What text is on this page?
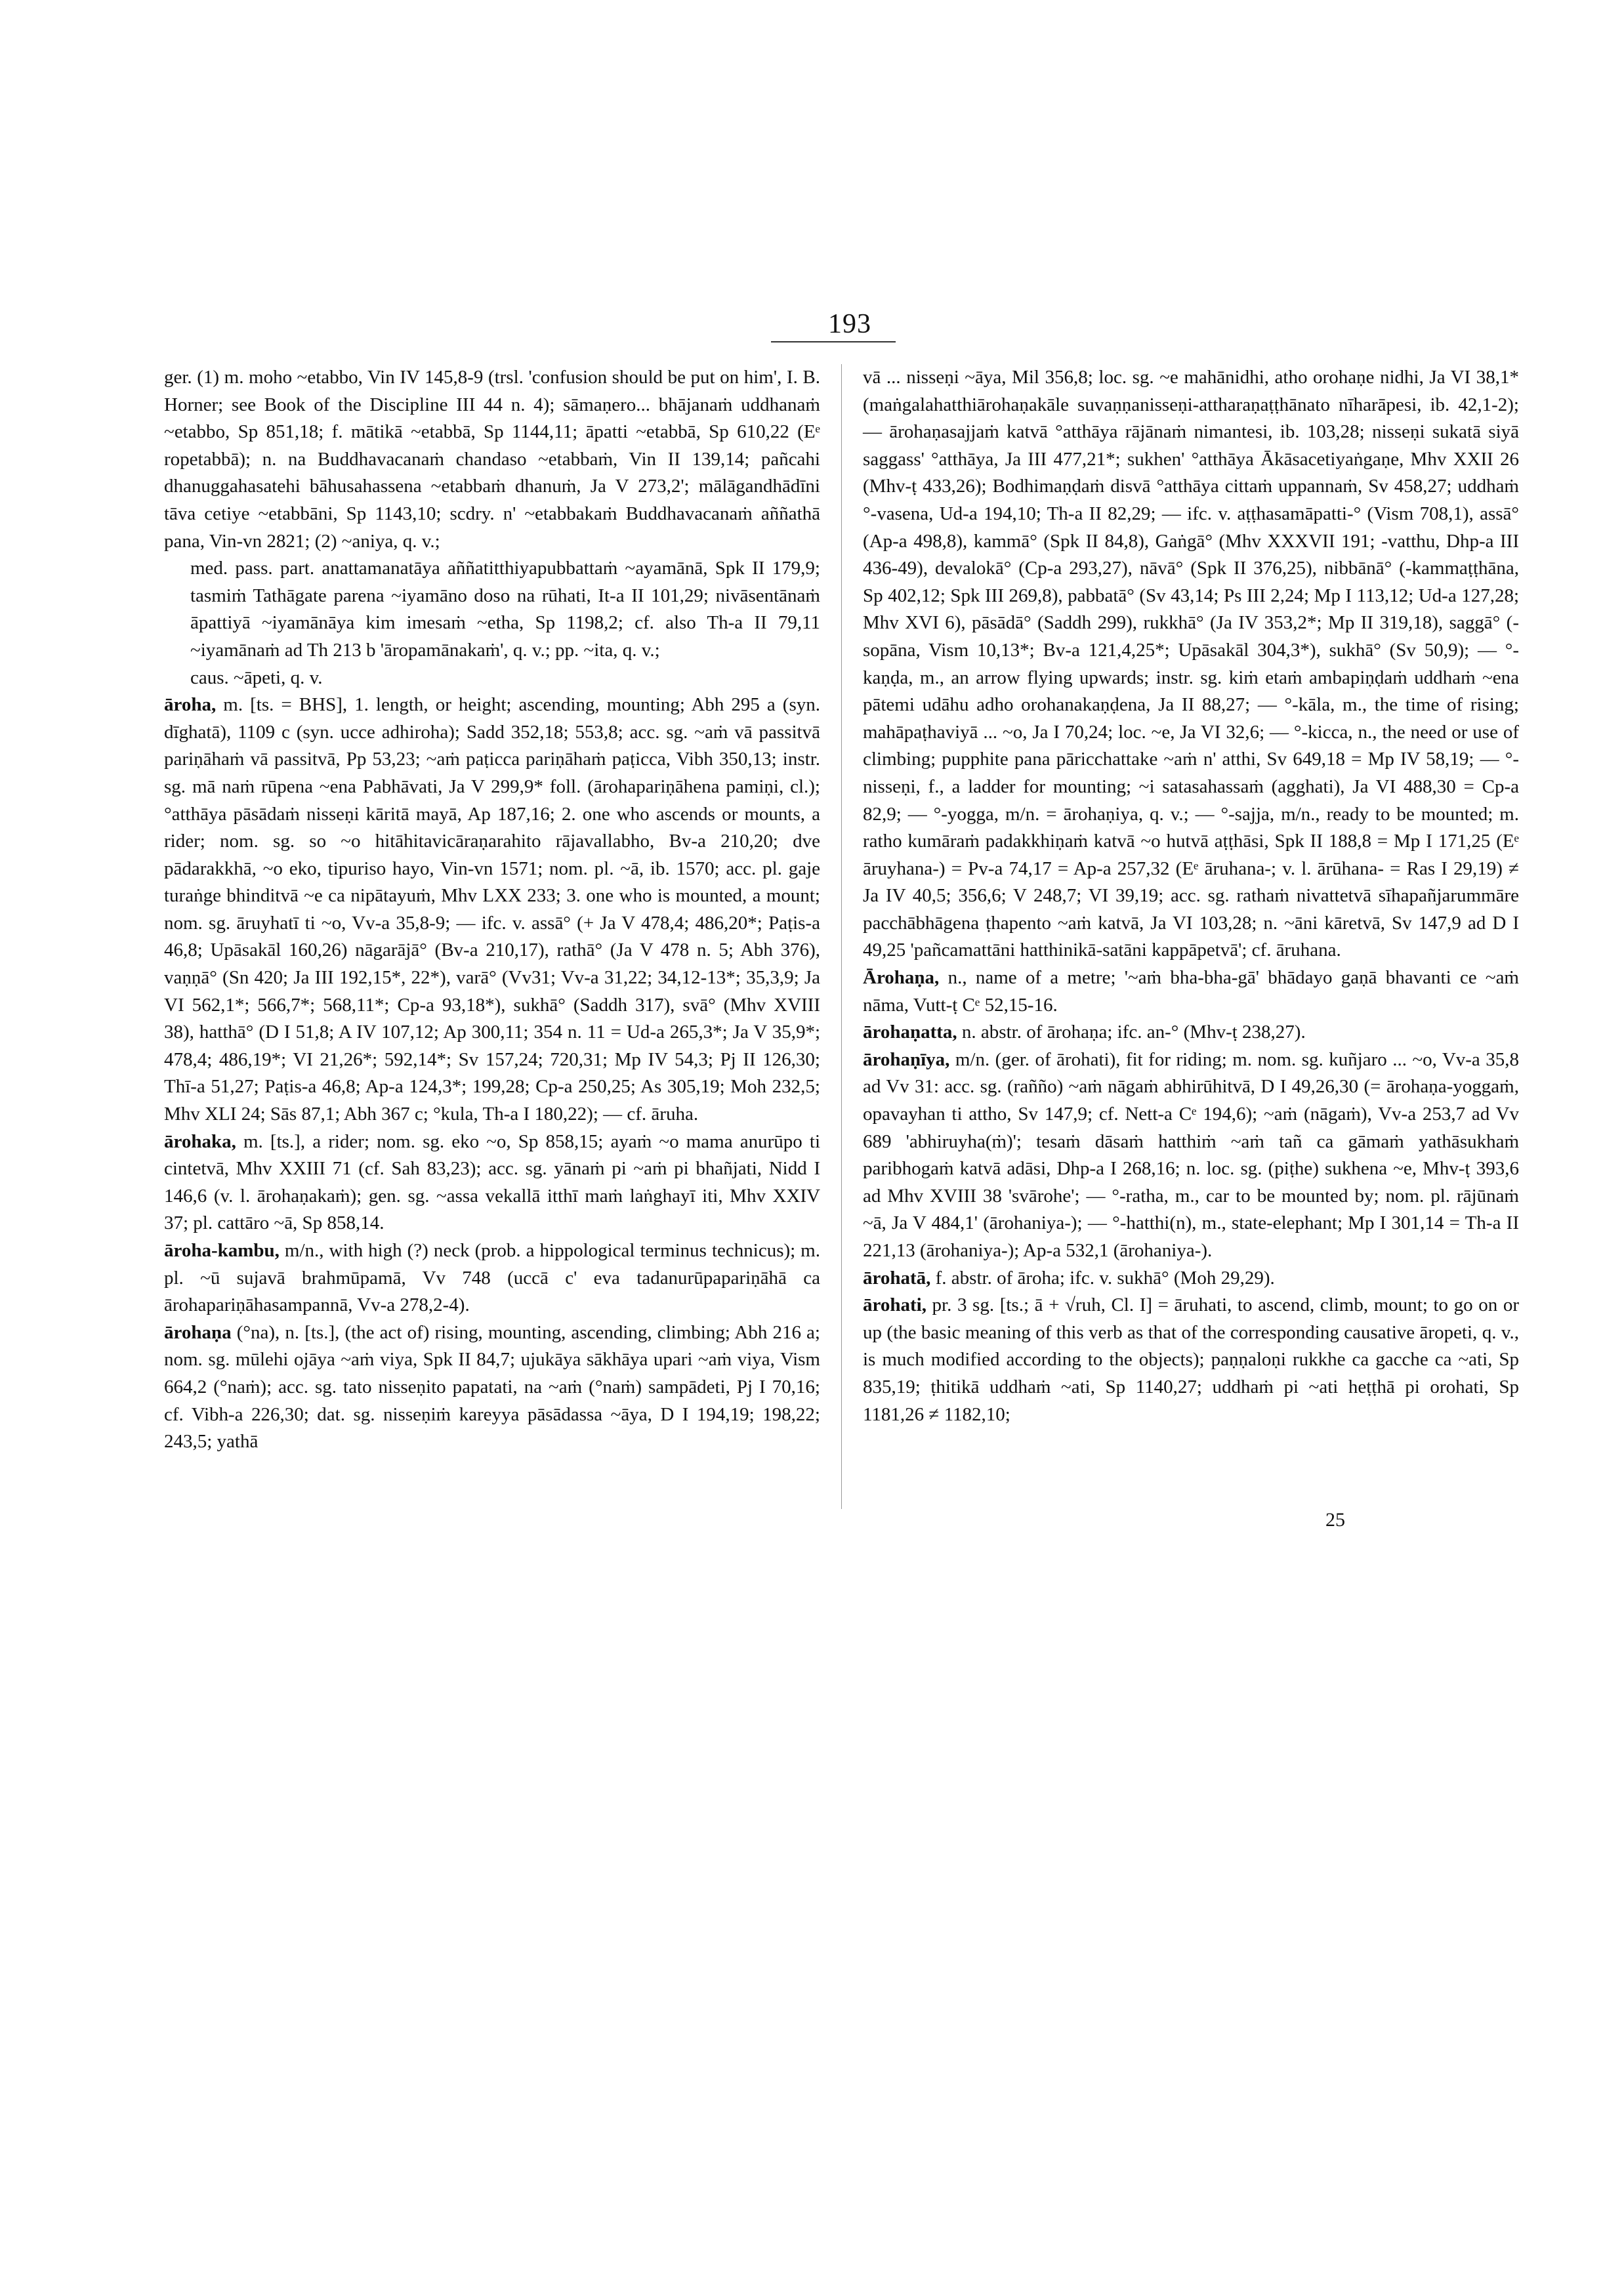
193

ger. (1) m. moho ~etabbo, Vin IV 145,8-9 (trsl. 'confusion should be put on him', I. B. Horner; see Book of the Discipline III 44 n. 4); sāmaṇero... bhājanaṁ uddhanaṁ ~etabbo, Sp 851,18; f. mātikā ~etabbā, Sp 1144,11; āpatti ~etabbā, Sp 610,22 (Eᵉ ropetabbā); n. na Buddhavacanaṁ chandaso ~etabbaṁ, Vin II 139,14; pañcahi dhanuggahasatehi bāhusahassena ~etabbaṁ dhanuṁ, Ja V 273,2'; mālāgandhādīni tāva cetiye ~etabbāni, Sp 1143,10; scdry. n' ~etabbakaṁ Buddhavacanaṁ aññathā pana, Vin-vn 2821; (2) ~aniya, q. v.;

med. pass. part. anattamanatāya aññatitthiyapubbattaṁ ~ayamānā, Spk II 179,9; tasmiṁ Tathāgate parena ~iyamāno doso na rūhati, It-a II 101,29; nivāsentānaṁ āpattiyā ~iyamānāya kim imesaṁ ~etha, Sp 1198,2; cf. also Th-a II 79,11 ~iyamānaṁ ad Th 213 b 'āropamānakaṁ', q. v.; pp. ~ita, q. v.;

caus. ~āpeti, q. v.

āroha, m. [ts. = BHS], 1. length, or height; ascending, mounting; Abh 295 a (syn. dīghatā), 1109 c (syn. ucce adhiroha); Sadd 352,18; 553,8; acc. sg. ~aṁ vā passitvā pariṇāhaṁ vā passitvā, Pp 53,23; ~aṁ paṭicca pariṇāhaṁ paṭicca, Vibh 350,13; instr. sg. mā naṁ rūpena ~ena Pabhāvati, Ja V 299,9* foll. (ārohapariṇāhena pamiṇi, cl.); °atthāya pāsādaṁ nisseṇi kāritā mayā, Ap 187,16; 2. one who ascends or mounts, a rider; nom. sg. so ~o hitāhitavicāraṇarahito rājavallabho, Bv-a 210,20; dve pādarakkhā, ~o eko, tipuriso hayo, Vin-vn 1571; nom. pl. ~ā, ib. 1570; acc. pl. gaje turaṅge bhinditvā ~e ca nipātayuṁ, Mhv LXX 233; 3. one who is mounted, a mount; nom. sg. āruyhatī ti ~o, Vv-a 35,8-9; — ifc. v. assā° (+ Ja V 478,4; 486,20*; Paṭis-a 46,8; Upāsakāl 160,26) nāgarājā° (Bv-a 210,17), rathā° (Ja V 478 n. 5; Abh 376), vaṇṇā° (Sn 420; Ja III 192,15*, 22*), varā° (Vv31; Vv-a 31,22; 34,12-13*; 35,3,9; Ja VI 562,1*; 566,7*; 568,11*; Cp-a 93,18*), sukhā° (Saddh 317), svā° (Mhv XVIII 38), hatthā° (D I 51,8; A IV 107,12; Ap 300,11; 354 n. 11 = Ud-a 265,3*; Ja V 35,9*; 478,4; 486,19*; VI 21,26*; 592,14*; Sv 157,24; 720,31; Mp IV 54,3; Pj II 126,30; Thī-a 51,27; Paṭis-a 46,8; Ap-a 124,3*; 199,28; Cp-a 250,25; As 305,19; Moh 232,5; Mhv XLI 24; Sās 87,1; Abh 367 c; °kula, Th-a I 180,22); — cf. āruha.

ārohaka, m. [ts.], a rider; nom. sg. eko ~o, Sp 858,15; ayaṁ ~o mama anurūpo ti cintetvā, Mhv XXIII 71 (cf. Sah 83,23); acc. sg. yānaṁ pi ~aṁ pi bhañjati, Nidd I 146,6 (v. l. ārohaṇakaṁ); gen. sg. ~assa vekallā itthī maṁ laṅghayī iti, Mhv XXIV 37; pl. cattāro ~ā, Sp 858,14.

āroha-kambu, m/n., with high (?) neck (prob. a hippological terminus technicus); m. pl. ~ū sujavā brahmūpamā, Vv 748 (uccā c' eva tadanurūpapariṇāhā ca ārohapariṇāhasampannā, Vv-a 278,2-4).

ārohaṇa (°na), n. [ts.], (the act of) rising, mounting, ascending, climbing; Abh 216 a; nom. sg. mūlehi ojāya ~aṁ viya, Spk II 84,7; ujukāya sākhāya upari ~aṁ viya, Vism 664,2 (°naṁ); acc. sg. tato nisseṇito papatati, na ~aṁ (°naṁ) sampādeti, Pj I 70,16; cf. Vibh-a 226,30; dat. sg. nisseṇiṁ kareyya pāsādassa ~āya, D I 194,19; 198,22; 243,5; yathā

vā ... nisseṇi ~āya, Mil 356,8; loc. sg. ~e mahānidhi, atho orohaṇe nidhi, Ja VI 38,1* (maṅgalahatthiārohaṇakāle suvaṇṇanisseṇi-attharaṇaṭṭhānato nīharāpesi, ib. 42,1-2); — ārohaṇasajjaṁ katvā °atthāya rājānaṁ nimantesi, ib. 103,28; nisseṇi sukatā siyā saggass' °atthāya, Ja III 477,21*; sukhen' °atthāya Ākāsacetiyaṅgaṇe, Mhv XXII 26 (Mhv-ṭ 433,26); Bodhimaṇḍaṁ disvā °atthāya cittaṁ uppannaṁ, Sv 458,27; uddhaṁ °-vasena, Ud-a 194,10; Th-a II 82,29; — ifc. v. aṭṭhasamāpatti-° (Vism 708,1), assā° (Ap-a 498,8), kammā° (Spk II 84,8), Gaṅgā° (Mhv XXXVII 191; -vatthu, Dhp-a III 436-49), devalokā° (Cp-a 293,27), nāvā° (Spk II 376,25), nibbānā° (-kammaṭṭhāna, Sp 402,12; Spk III 269,8), pabbatā° (Sv 43,14; Ps III 2,24; Mp I 113,12; Ud-a 127,28; Mhv XVI 6), pāsādā° (Saddh 299), rukkhā° (Ja IV 353,2*; Mp II 319,18), saggā° (-sopāna, Vism 10,13*; Bv-a 121,4,25*; Upāsakāl 304,3*), sukhā° (Sv 50,9); — °-kaṇḍa, m., an arrow flying upwards; instr. sg. kiṁ etaṁ ambapiṇḍaṁ uddhaṁ ~ena pātemi udāhu adho orohanakaṇḍena, Ja II 88,27; — °-kāla, m., the time of rising; mahāpaṭhaviyā ... ~o, Ja I 70,24; loc. ~e, Ja VI 32,6; — °-kicca, n., the need or use of climbing; pupphite pana pāricchattake ~aṁ n' atthi, Sv 649,18 = Mp IV 58,19; — °-nisseṇi, f., a ladder for mounting; ~i satasahassaṁ (agghati), Ja VI 488,30 = Cp-a 82,9; — °-yogga, m/n. = ārohaṇiya, q. v.; — °-sajja, m/n., ready to be mounted; m. ratho kumāraṁ padakkhiṇaṁ katvā ~o hutvā aṭṭhāsi, Spk II 188,8 = Mp I 171,25 (Eᵉ āruyhana-) = Pv-a 74,17 = Ap-a 257,32 (Eᵉ āruhana-; v. l. ārūhana- = Ras I 29,19) ≠ Ja IV 40,5; 356,6; V 248,7; VI 39,19; acc. sg. rathaṁ nivattetvā sīhapañjarummāre pacchābhāgena ṭhapento ~aṁ katvā, Ja VI 103,28; n. ~āni kāretvā, Sv 147,9 ad D I 49,25 'pañcamattāni hatthinikā-satāni kappāpetvā'; cf. āruhana.

Ārohaṇa, n., name of a metre; '~aṁ bha-bha-gā' bhādayo gaṇā bhavanti ce ~aṁ nāma, Vutt-ṭ Cᵉ 52,15-16.

ārohaṇatta, n. abstr. of ārohaṇa; ifc. an-° (Mhv-ṭ 238,27).

ārohaṇīya, m/n. (ger. of ārohati), fit for riding; m. nom. sg. kuñjaro ... ~o, Vv-a 35,8 ad Vv 31: acc. sg. (rañño) ~aṁ nāgaṁ abhirūhitvā, D I 49,26,30 (= ārohaṇa-yoggaṁ, opavayhan ti attho, Sv 147,9; cf. Nett-a Cᵉ 194,6); ~aṁ (nāgaṁ), Vv-a 253,7 ad Vv 689 'abhiruyha(ṁ)'; tesaṁ dāsaṁ hatthiṁ ~aṁ tañ ca gāmaṁ yathāsukhaṁ paribhogaṁ katvā adāsi, Dhp-a I 268,16; n. loc. sg. (piṭhe) sukhena ~e, Mhv-ṭ 393,6 ad Mhv XVIII 38 'svārohe'; — °-ratha, m., car to be mounted by; nom. pl. rājūnaṁ ~ā, Ja V 484,1' (ārohaniya-); — °-hatthi(n), m., state-elephant; Mp I 301,14 = Th-a II 221,13 (ārohaniya-); Ap-a 532,1 (ārohaniya-).

ārohatā, f. abstr. of āroha; ifc. v. sukhā° (Moh 29,29).

ārohati, pr. 3 sg. [ts.; ā + √ruh, Cl. I] = āruhati, to ascend, climb, mount; to go on or up (the basic meaning of this verb as that of the corresponding causative āropeti, q. v., is much modified according to the objects); paṇṇaloṇi rukkhe ca gacche ca ~ati, Sp 835,19; ṭhitikā uddhaṁ ~ati, Sp 1140,27; uddhaṁ pi ~ati heṭṭhā pi orohati, Sp 1181,26 ≠ 1182,10;

25
